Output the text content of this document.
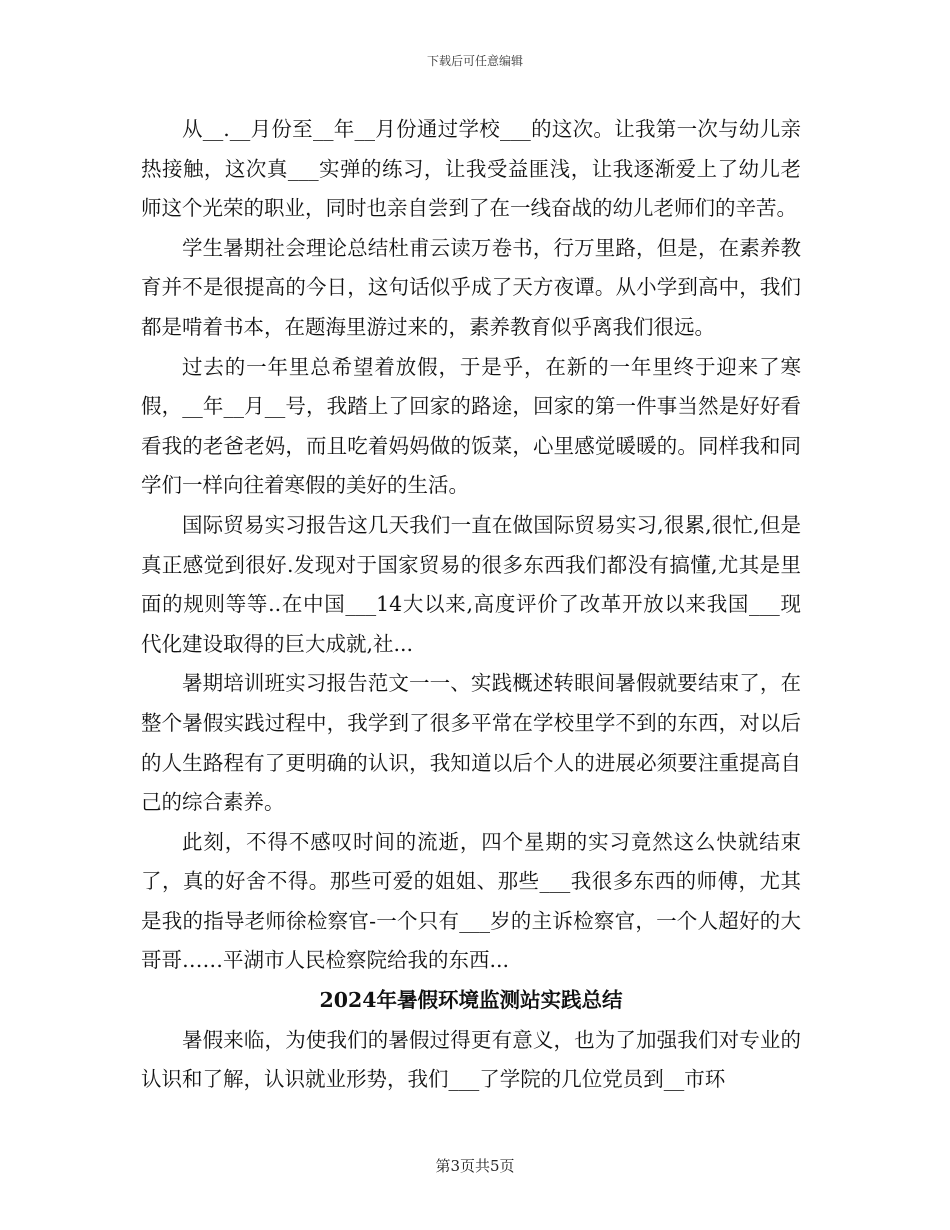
下载后可任意编辑

从__.__月份至__年__月份通过学校___的这次。让我第一次与幼儿亲热接触，这次真___实弹的练习，让我受益匪浅，让我逐渐爱上了幼儿老师这个光荣的职业，同时也亲自尝到了在一线奋战的幼儿老师们的辛苦。

学生暑期社会理论总结杜甫云读万卷书，行万里路，但是，在素养教育并不是很提高的今日，这句话似乎成了天方夜谭。从小学到高中，我们都是啃着书本，在题海里游过来的，素养教育似乎离我们很远。

过去的一年里总希望着放假，于是乎，在新的一年里终于迎来了寒假，__年__月__号，我踏上了回家的路途，回家的第一件事当然是好好看看我的老爸老妈，而且吃着妈妈做的饭菜，心里感觉暖暖的。同样我和同学们一样向往着寒假的美好的生活。

国际贸易实习报告这几天我们一直在做国际贸易实习,很累,很忙,但是真正感觉到很好.发现对于国家贸易的很多东西我们都没有搞懂,尤其是里面的规则等等..在中国___14大以来,高度评价了改革开放以来我国___现代化建设取得的巨大成就,社...

暑期培训班实习报告范文一一、实践概述转眼间暑假就要结束了，在整个暑假实践过程中，我学到了很多平常在学校里学不到的东西，对以后的人生路程有了更明确的认识，我知道以后个人的进展必须要注重提高自己的综合素养。

此刻，不得不感叹时间的流逝，四个星期的实习竟然这么快就结束了，真的好舍不得。那些可爱的姐姐、那些___我很多东西的师傅，尤其是我的指导老师徐检察官-一个只有___岁的主诉检察官，一个人超好的大哥哥……平湖市人民检察院给我的东西...

2024年暑假环境监测站实践总结

暑假来临，为使我们的暑假过得更有意义，也为了加强我们对专业的认识和了解，认识就业形势，我们___了学院的几位党员到__市环

第3页共5页
